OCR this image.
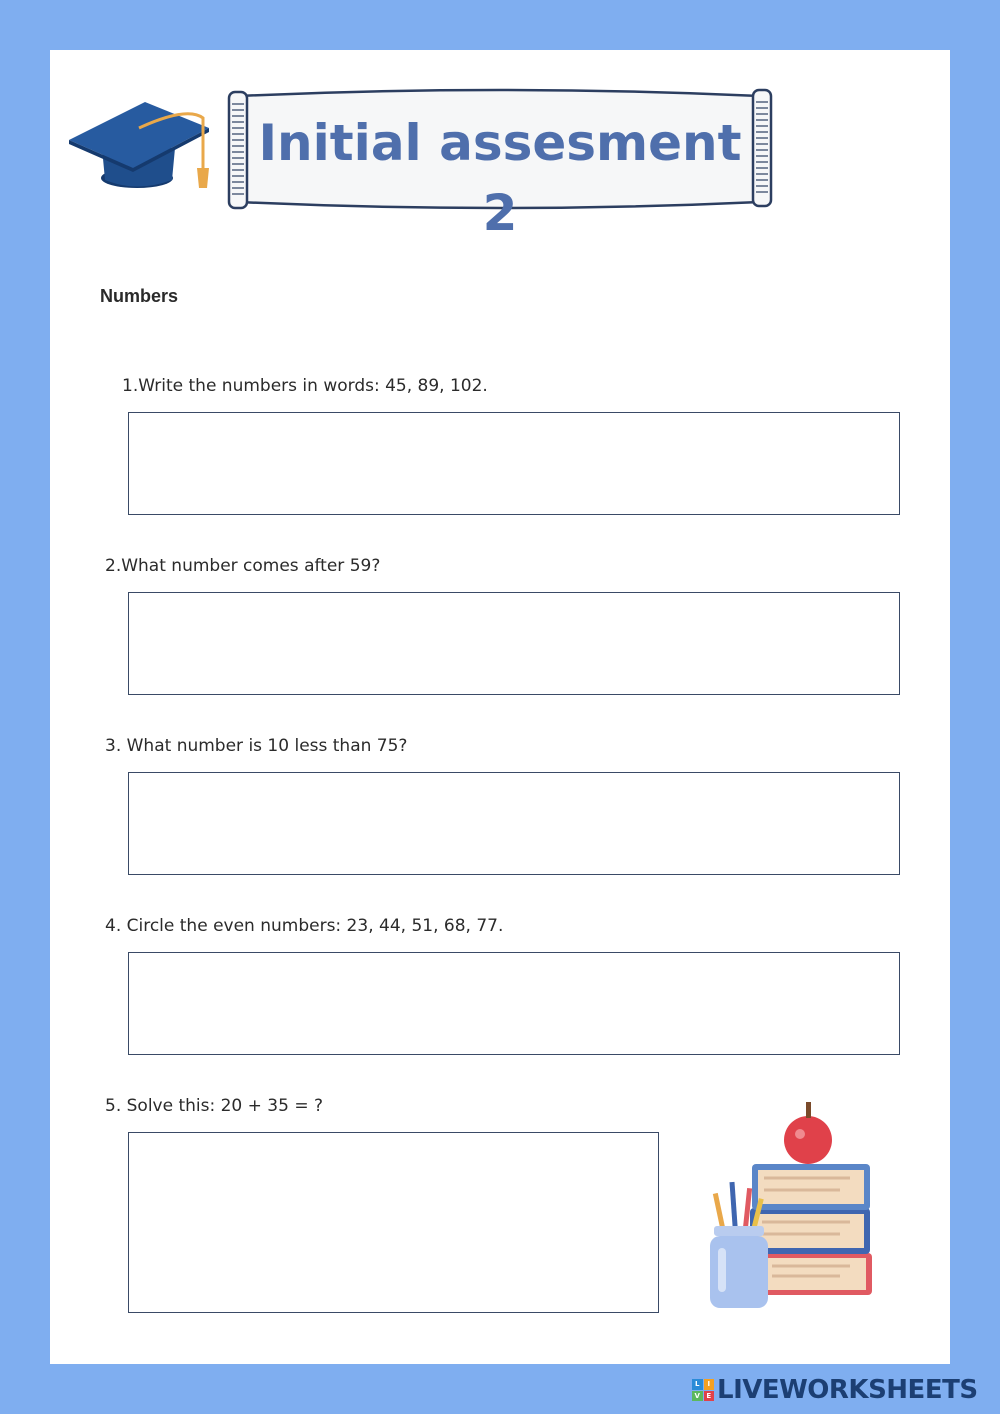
Initial assesment 2
Numbers
1.Write the numbers in words: 45, 89, 102.
2.What number comes after 59?
3. What number is 10 less than 75?
4. Circle the even numbers: 23, 44, 51, 68, 77.
5. Solve this: 20 + 35 = ?
L	I
V E LIVEWORKSHEETS
